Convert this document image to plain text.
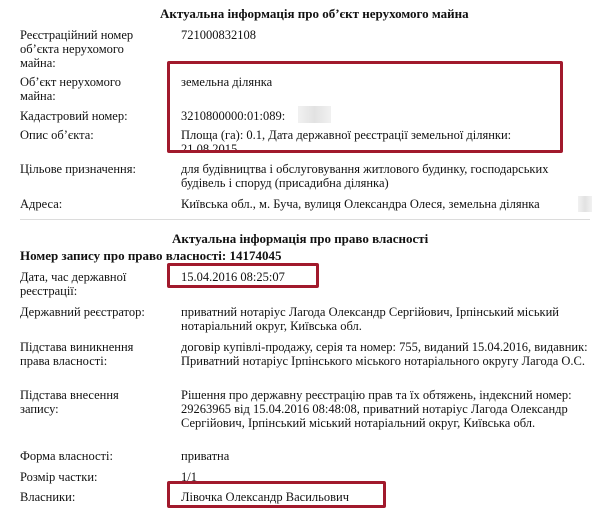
Актуальна інформація про об’єкт нерухомого майна
Реєстраційний номер об’єкта нерухомого майна:
721000832108
Об’єкт нерухомого майна:
земельна ділянка
Кадастровий номер:	3210800000:01:089:
Опис об’єкта:	Площа (га): 0.1, Дата державної реєстрації земельної ділянки: 21.08.2015
Цільове призначення:	для будівництва і обслуговування житлового будинку, господарських будівель і споруд (присадибна ділянка)
Адреса:	Київська обл., м. Буча, вулиця Олександра Олеся, земельна ділянка
Актуальна інформація про право власності
Номер запису про право власності: 14174045
Дата, час державної реєстрації:
15.04.2016 08:25:07
Державний реєстратор:	приватний нотаріус Лагода Олександр Сергійович, Ірпінський міський нотаріальний округ, Київська обл.
Підстава виникнення права власності:
договір купівлі-продажу, серія та номер: 755, виданий 15.04.2016, видавник: Приватний нотаріус Ірпінського міського нотаріального округу Лагода О.С.
Підстава внесення запису:
Рішення про державну реєстрацію прав та їх обтяжень, індексний номер: 29263965 від 15.04.2016 08:48:08, приватний нотаріус Лагода Олександр Сергійович, Ірпінський міський нотаріальний округ, Київська обл.
Форма власності:	приватна
Розмір частки:	1/1
Власники:	Лівочка Олександр Васильович
